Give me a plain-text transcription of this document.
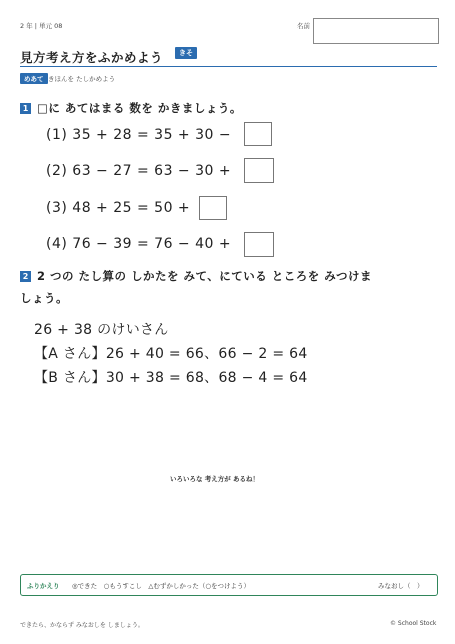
2 年 | 単元 08	名前
見方考え方をふかめよう	きそ
めあて きほんを たしかめよう
1 □に あてはまる 数を かきましょう。
(1) 35 + 28 = 35 + 30 −
(2) 63 − 27 = 63 − 30 +
(3) 48 + 25 = 50 +
(4) 76 − 39 = 76 − 40 +
2 2 つの たし算の しかたを みて、にている ところを みつけま
しょう。
26 + 38 のけいさん
【A さん】26 + 40 = 66、66 − 2 = 64
【B さん】30 + 38 = 68、68 − 4 = 64
いろいろな 考え方が あるね！
ふりかえり ◎できた　○もうすこし　△むずかしかった（○をつけよう）	みなおし（　）
できたら、かならず みなおしを しましょう。	© School Stock
